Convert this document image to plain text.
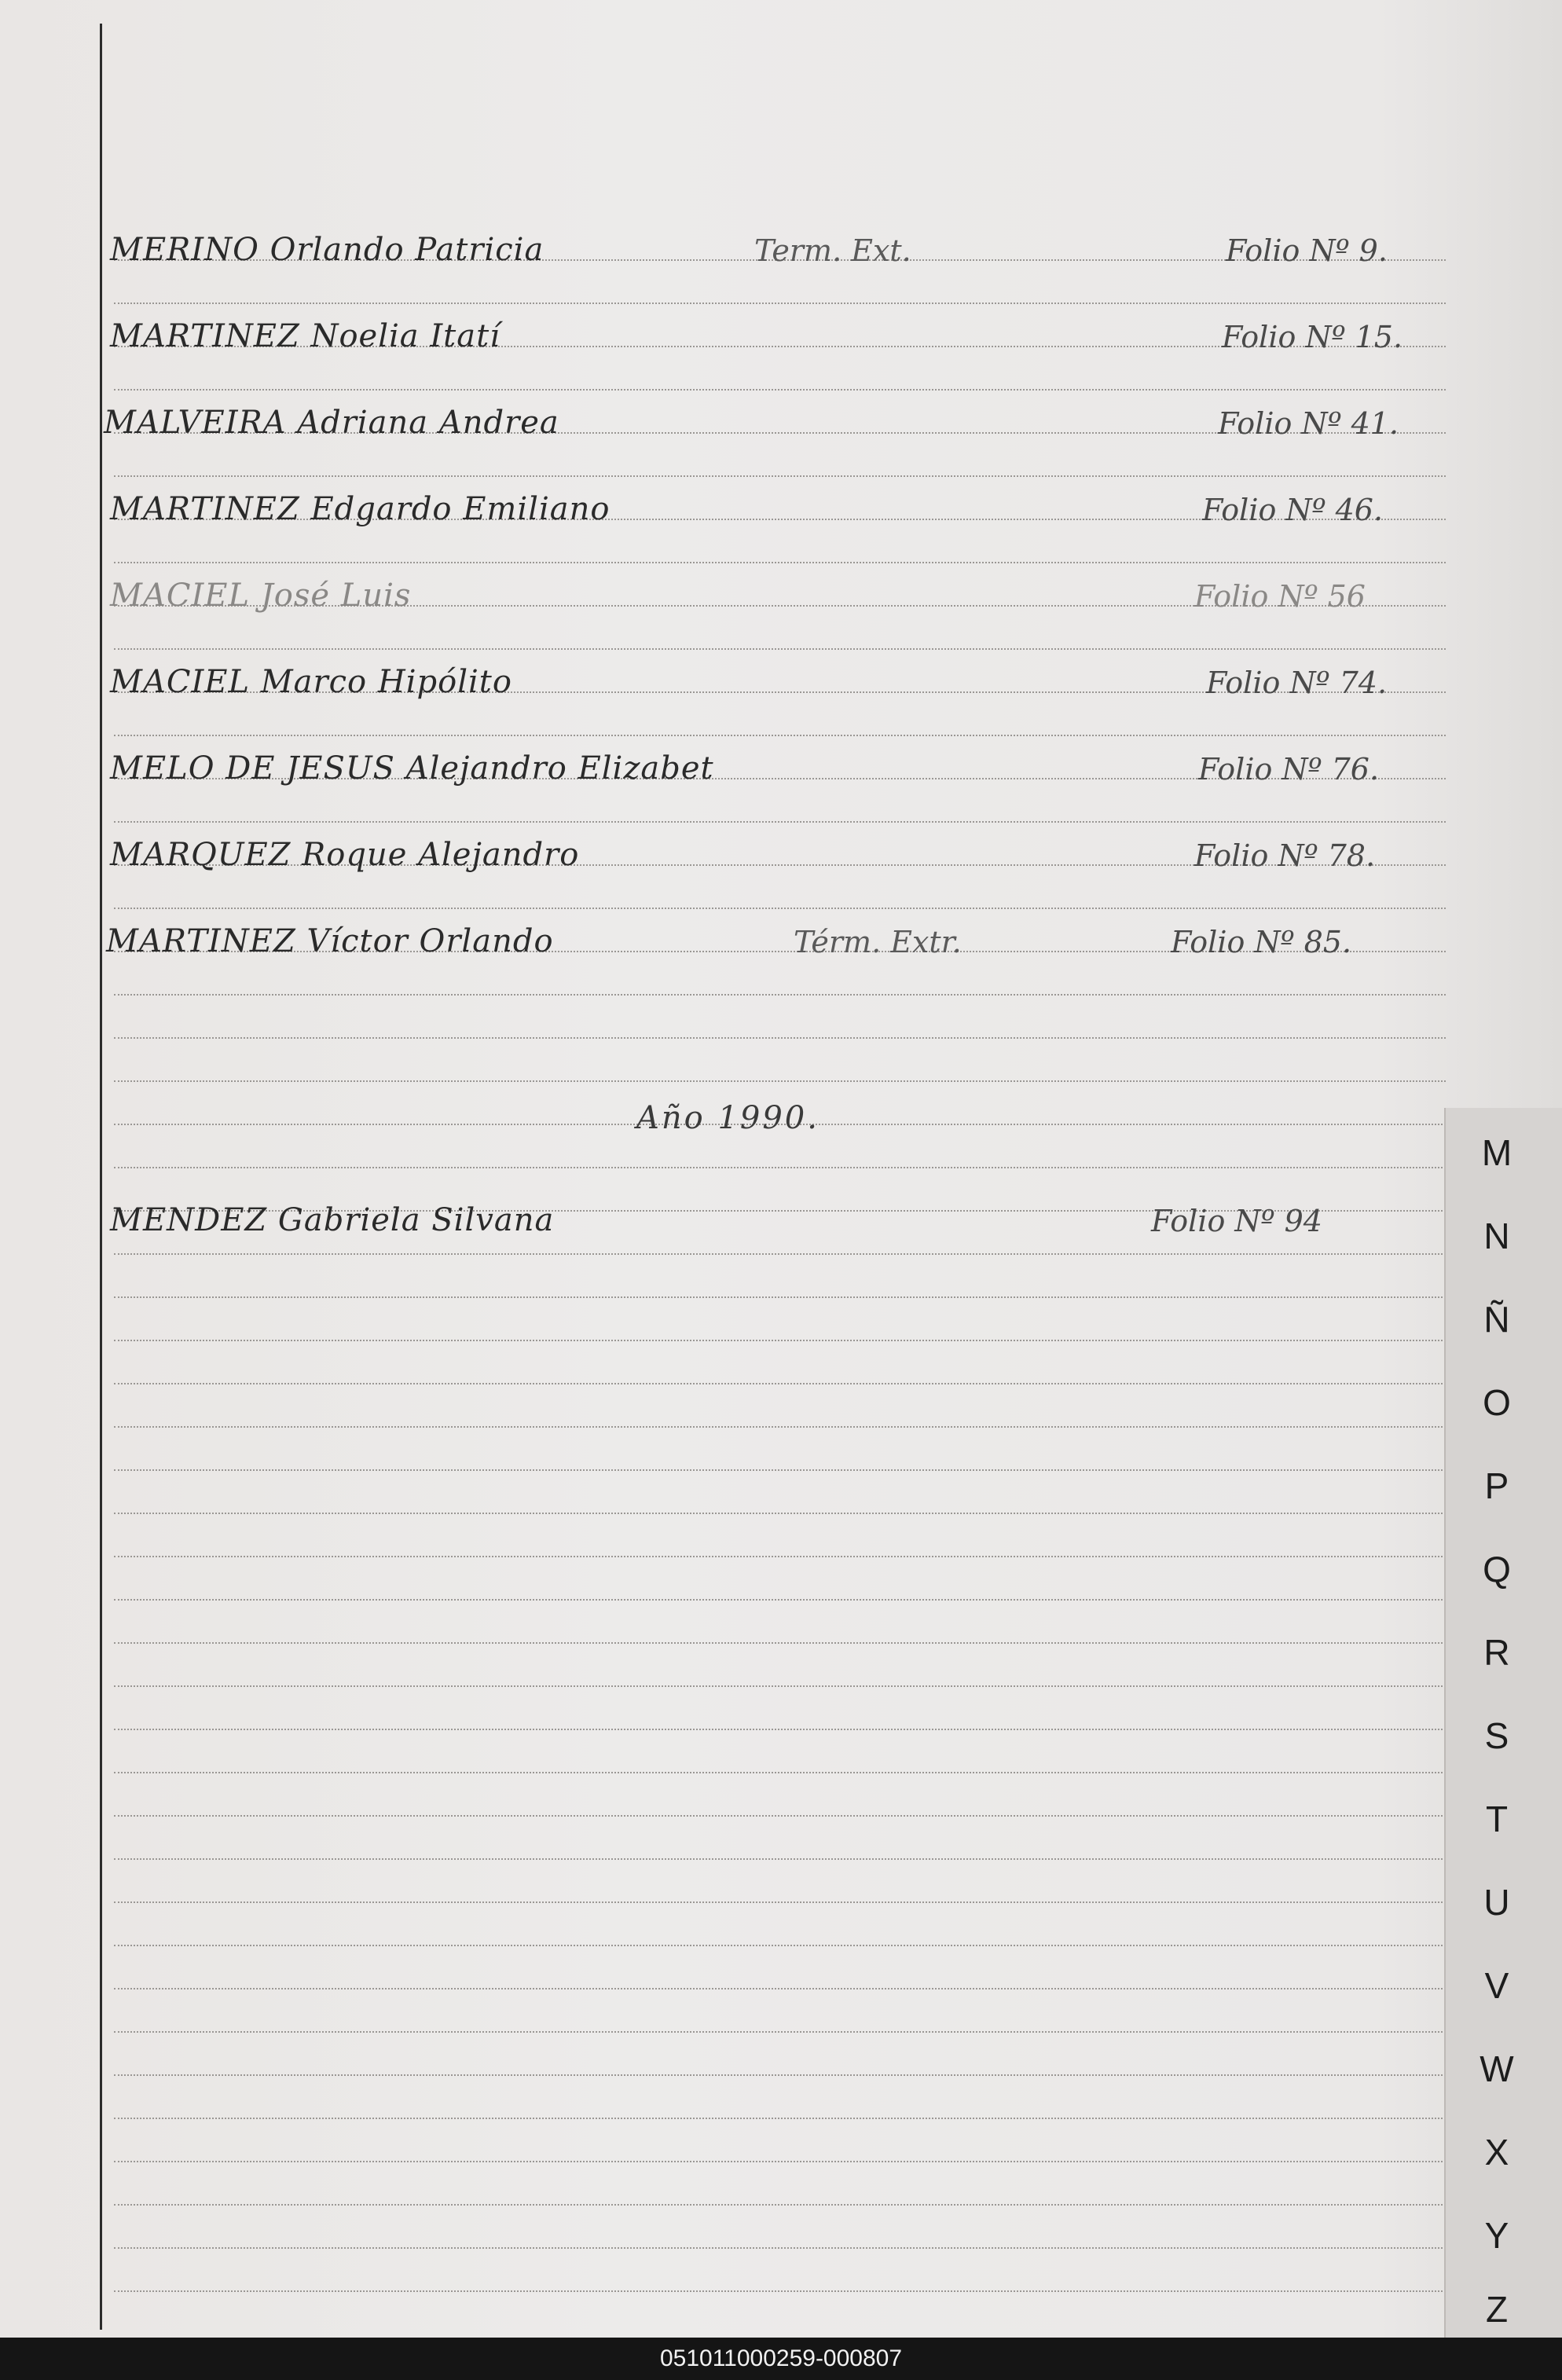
MERINO Orlando Patricia	Term. Ext.	Folio Nº 9.
MARTINEZ Noelia Itatí	Folio Nº 15.
MALVEIRA Adriana Andrea	Folio Nº 41.
MARTINEZ Edgardo Emiliano	Folio Nº 46.
MACIEL José Luis	Folio Nº 56
MACIEL Marco Hipólito	Folio Nº 74.
MELO DE JESUS Alejandro Elizabet	Folio Nº 76.
MARQUEZ Roque Alejandro	Folio Nº 78.
MARTINEZ Víctor Orlando	Térm. Extr.	Folio Nº 85.
Año 1990.
MENDEZ Gabriela Silvana	Folio Nº 94
M
N
Ñ
O
P
Q
R
S
T
U
V
W
X
Y
Z
051011000259-000807
